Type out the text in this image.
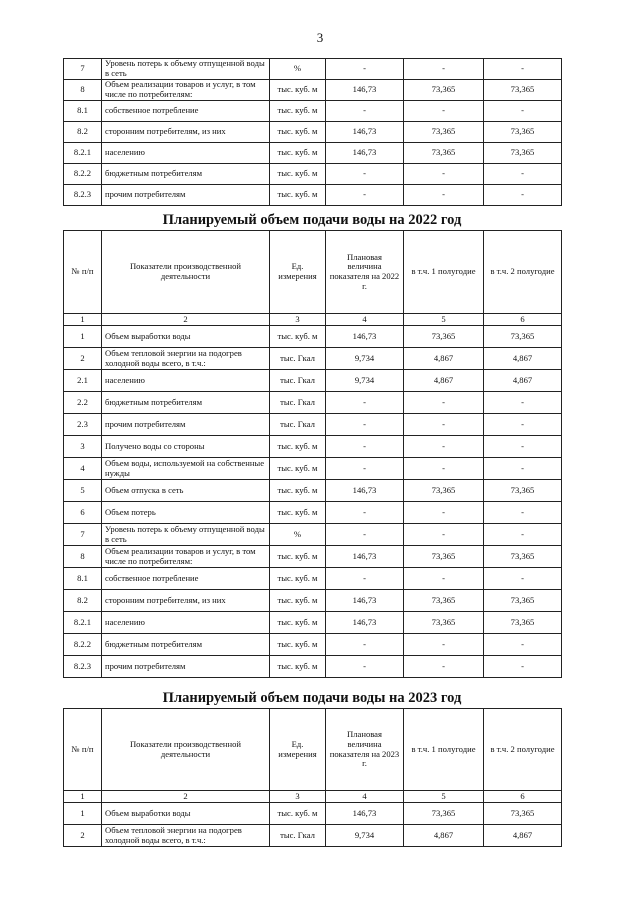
3
7	Уровень потерь к объему отпущенной воды в сеть	%	-	-	-
8	Объем реализации товаров и услуг, в том числе по потребителям:	тыс. куб. м	146,73	73,365	73,365
8.1	собственное потребление	тыс. куб. м	-	-	-
8.2	сторонним потребителям, из них	тыс. куб. м	146,73	73,365	73,365
8.2.1	населению	тыс. куб. м	146,73	73,365	73,365
8.2.2	бюджетным потребителям	тыс. куб. м	-	-	-
8.2.3	прочим потребителям	тыс. куб. м	-	-	-
Планируемый объем подачи воды на 2022 год
№ п/п	Показатели производственной деятельности	Ед. измерения	Плановая величина показателя на 2022 г.	в т.ч. 1 полугодие	в т.ч. 2 полугодие
1	2	3	4	5	6
1	Объем выработки воды	тыс. куб. м	146,73	73,365	73,365
2	Объем тепловой энергии на подогрев холодной воды всего, в т.ч.:	тыс. Гкал	9,734	4,867	4,867
2.1	населению	тыс. Гкал	9,734	4,867	4,867
2.2	бюджетным потребителям	тыс. Гкал	-	-	-
2.3	прочим потребителям	тыс. Гкал	-	-	-
3	Получено воды со стороны	тыс. куб. м	-	-	-
4	Объем воды, используемой на собственные нужды	тыс. куб. м	-	-	-
5	Объем отпуска в сеть	тыс. куб. м	146,73	73,365	73,365
6	Объем потерь	тыс. куб. м	-	-	-
7	Уровень потерь к объему отпущенной воды в сеть	%	-	-	-
8	Объем реализации товаров и услуг, в том числе по потребителям:	тыс. куб. м	146,73	73,365	73,365
8.1	собственное потребление	тыс. куб. м	-	-	-
8.2	сторонним потребителям, из них	тыс. куб. м	146,73	73,365	73,365
8.2.1	населению	тыс. куб. м	146,73	73,365	73,365
8.2.2	бюджетным потребителям	тыс. куб. м	-	-	-
8.2.3	прочим потребителям	тыс. куб. м	-	-	-
Планируемый объем подачи воды на 2023 год
№ п/п	Показатели производственной деятельности	Ед. измерения	Плановая величина показателя на 2023 г.	в т.ч. 1 полугодие	в т.ч. 2 полугодие
1	2	3	4	5	6
1	Объем выработки воды	тыс. куб. м	146,73	73,365	73,365
2	Объем тепловой энергии на подогрев холодной воды всего, в т.ч.:	тыс. Гкал	9,734	4,867	4,867
